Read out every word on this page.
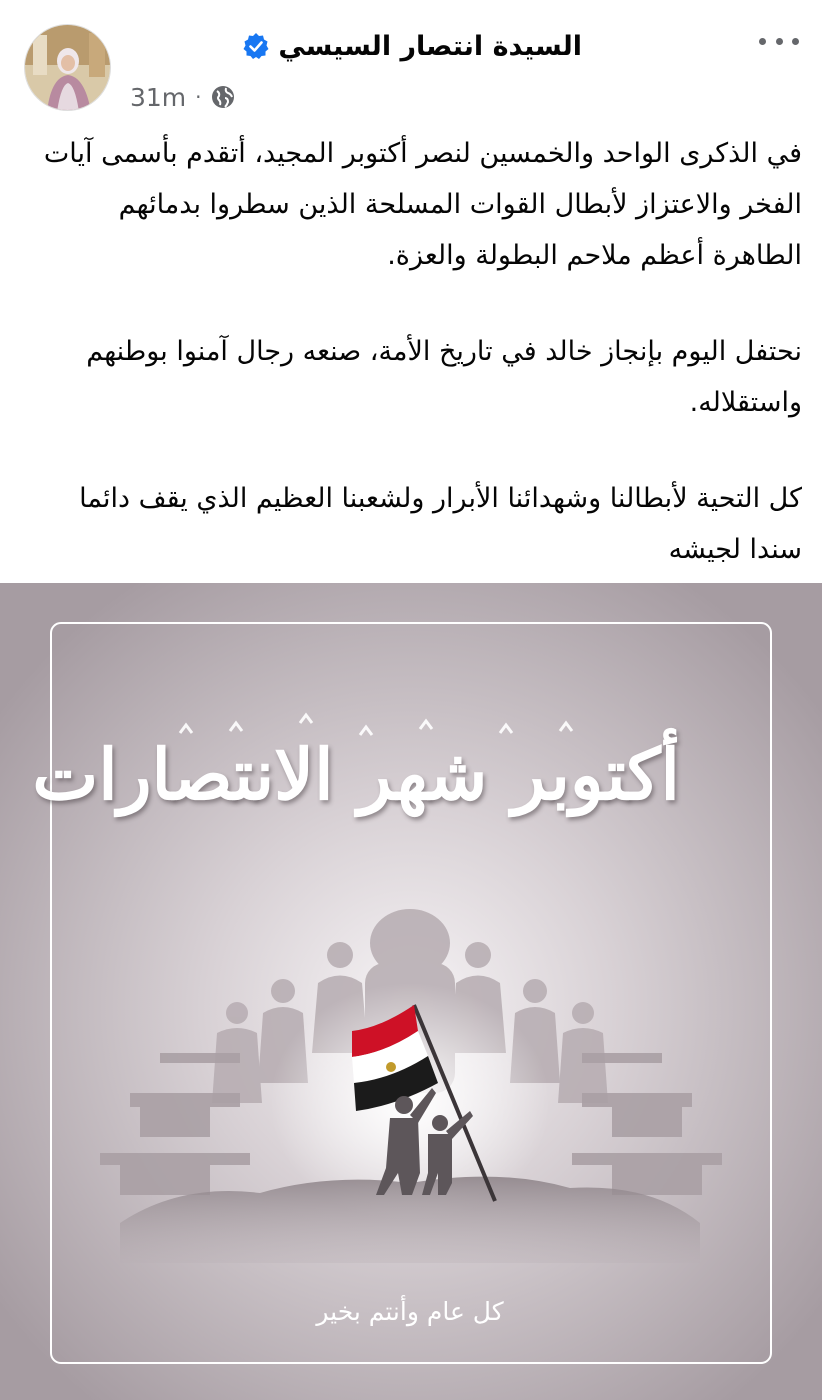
السيدة انتصار السيسي
31m ·

في الذكرى الواحد والخمسين لنصر أكتوبر المجيد، أتقدم بأسمى آيات الفخر والاعتزاز لأبطال القوات المسلحة الذين سطروا بدمائهم الطاهرة أعظم ملاحم البطولة والعزة.

نحتفل اليوم بإنجاز خالد في تاريخ الأمة، صنعه رجال آمنوا بوطنهم واستقلاله.

كل التحية لأبطالنا وشهدائنا الأبرار ولشعبنا العظيم الذي يقف دائما سندا لجيشه

أكتوبر شهر الانتصارات
كل عام وأنتم بخير
